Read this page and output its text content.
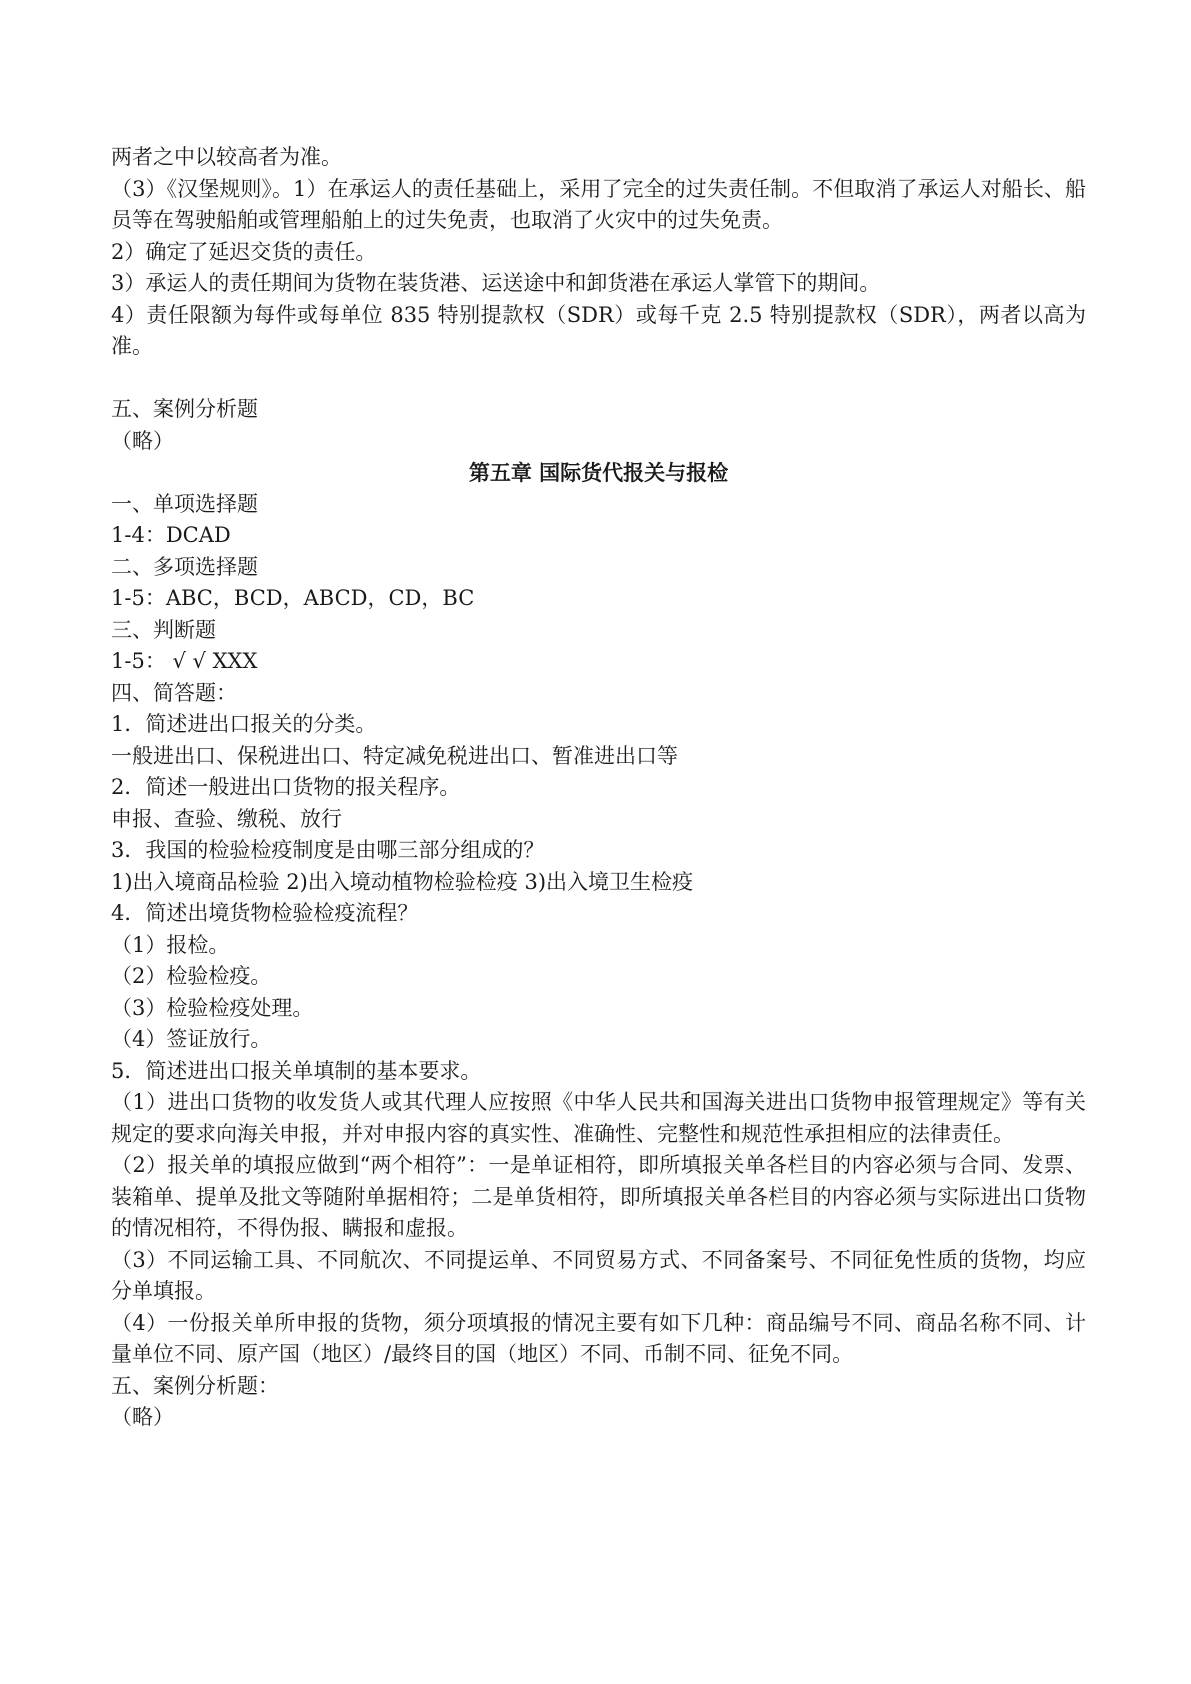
两者之中以较高者为准。

（3）《汉堡规则》。1）在承运人的责任基础上，采用了完全的过失责任制。不但取消了承运人对船长、船员等在驾驶船舶或管理船舶上的过失免责，也取消了火灾中的过失免责。

2）确定了延迟交货的责任。

3）承运人的责任期间为货物在装货港、运送途中和卸货港在承运人掌管下的期间。

4）责任限额为每件或每单位 835 特别提款权（SDR）或每千克 2.5 特别提款权（SDR），两者以高为准。

五、案例分析题

（略）

第五章 国际货代报关与报检

一、单项选择题

1-4：DCAD

二、多项选择题

1-5：ABC，BCD，ABCD，CD，BC

三、判断题

1-5： √ √ XXX

四、简答题：

1．简述进出口报关的分类。

一般进出口、保税进出口、特定减免税进出口、暂准进出口等

2．简述一般进出口货物的报关程序。

申报、查验、缴税、放行

3．我国的检验检疫制度是由哪三部分组成的？

1)出入境商品检验 2)出入境动植物检验检疫 3)出入境卫生检疫

4．简述出境货物检验检疫流程？

（1）报检。

（2）检验检疫。

（3）检验检疫处理。

（4）签证放行。

5．简述进出口报关单填制的基本要求。

（1）进出口货物的收发货人或其代理人应按照《中华人民共和国海关进出口货物申报管理规定》等有关规定的要求向海关申报，并对申报内容的真实性、准确性、完整性和规范性承担相应的法律责任。

（2）报关单的填报应做到“两个相符”：一是单证相符，即所填报关单各栏目的内容必须与合同、发票、装箱单、提单及批文等随附单据相符；二是单货相符，即所填报关单各栏目的内容必须与实际进出口货物的情况相符，不得伪报、瞒报和虚报。

（3）不同运输工具、不同航次、不同提运单、不同贸易方式、不同备案号、不同征免性质的货物，均应分单填报。

（4）一份报关单所申报的货物，须分项填报的情况主要有如下几种：商品编号不同、商品名称不同、计量单位不同、原产国（地区）/最终目的国（地区）不同、币制不同、征免不同。

五、案例分析题：

（略）
